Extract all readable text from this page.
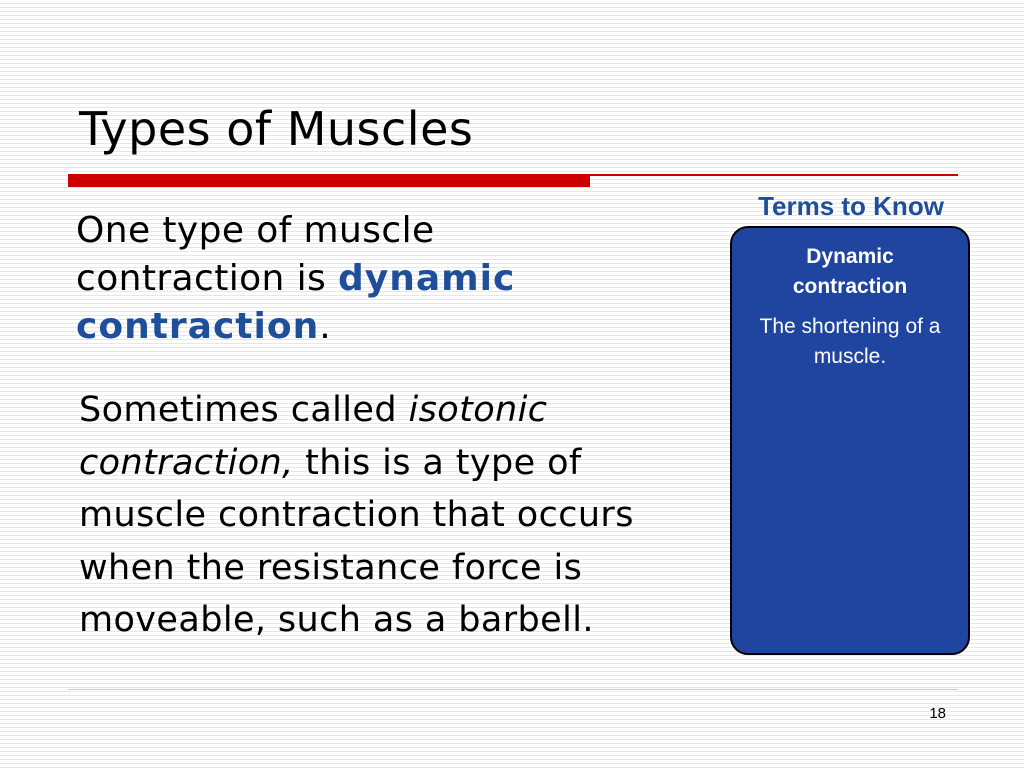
Types of Muscles

One type of muscle contraction is dynamic contraction.

Sometimes called isotonic contraction, this is a type of muscle contraction that occurs when the resistance force is moveable, such as a barbell.

Terms to Know
Dynamic contraction
The shortening of a muscle.
18
